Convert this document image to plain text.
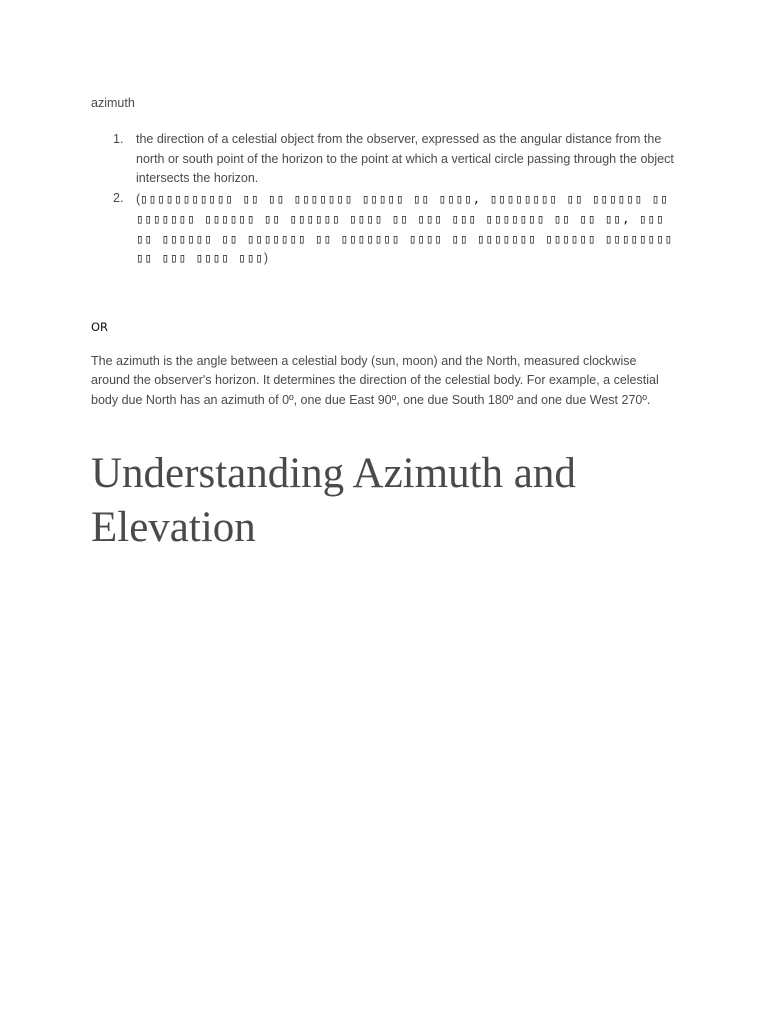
azimuth

1. the direction of a celestial object from the observer, expressed as the angular distance from the north or south point of the horizon to the point at which a vertical circle passing through the object intersects the horizon.
2. (▯▯▯▯▯▯▯▯▯▯▯ ▯▯ ▯▯ ▯▯▯▯▯▯▯ ▯▯▯▯▯ ▯▯ ▯▯▯▯, ▯▯▯▯▯▯▯▯ ▯▯ ▯▯▯▯▯▯ ▯▯ ▯▯▯▯▯▯▯ ▯▯▯▯▯▯ ▯▯ ▯▯▯▯▯▯ ▯▯▯▯ ▯▯ ▯▯▯ ▯▯▯ ▯▯▯▯▯▯▯ ▯▯ ▯▯ ▯▯, ▯▯▯ ▯▯ ▯▯▯▯▯▯ ▯▯ ▯▯▯▯▯▯▯ ▯▯ ▯▯▯▯▯▯▯ ▯▯▯▯ ▯▯ ▯▯▯▯▯▯▯ ▯▯▯▯▯▯ ▯▯▯▯▯▯▯▯ ▯▯ ▯▯▯ ▯▯▯▯ ▯▯▯)

OR

The azimuth is the angle between a celestial body (sun, moon) and the North, measured clockwise around the observer's horizon. It determines the direction of the celestial body. For example, a celestial body due North has an azimuth of 0º, one due East 90º, one due South 180º and one due West 270º.

Understanding Azimuth and Elevation
